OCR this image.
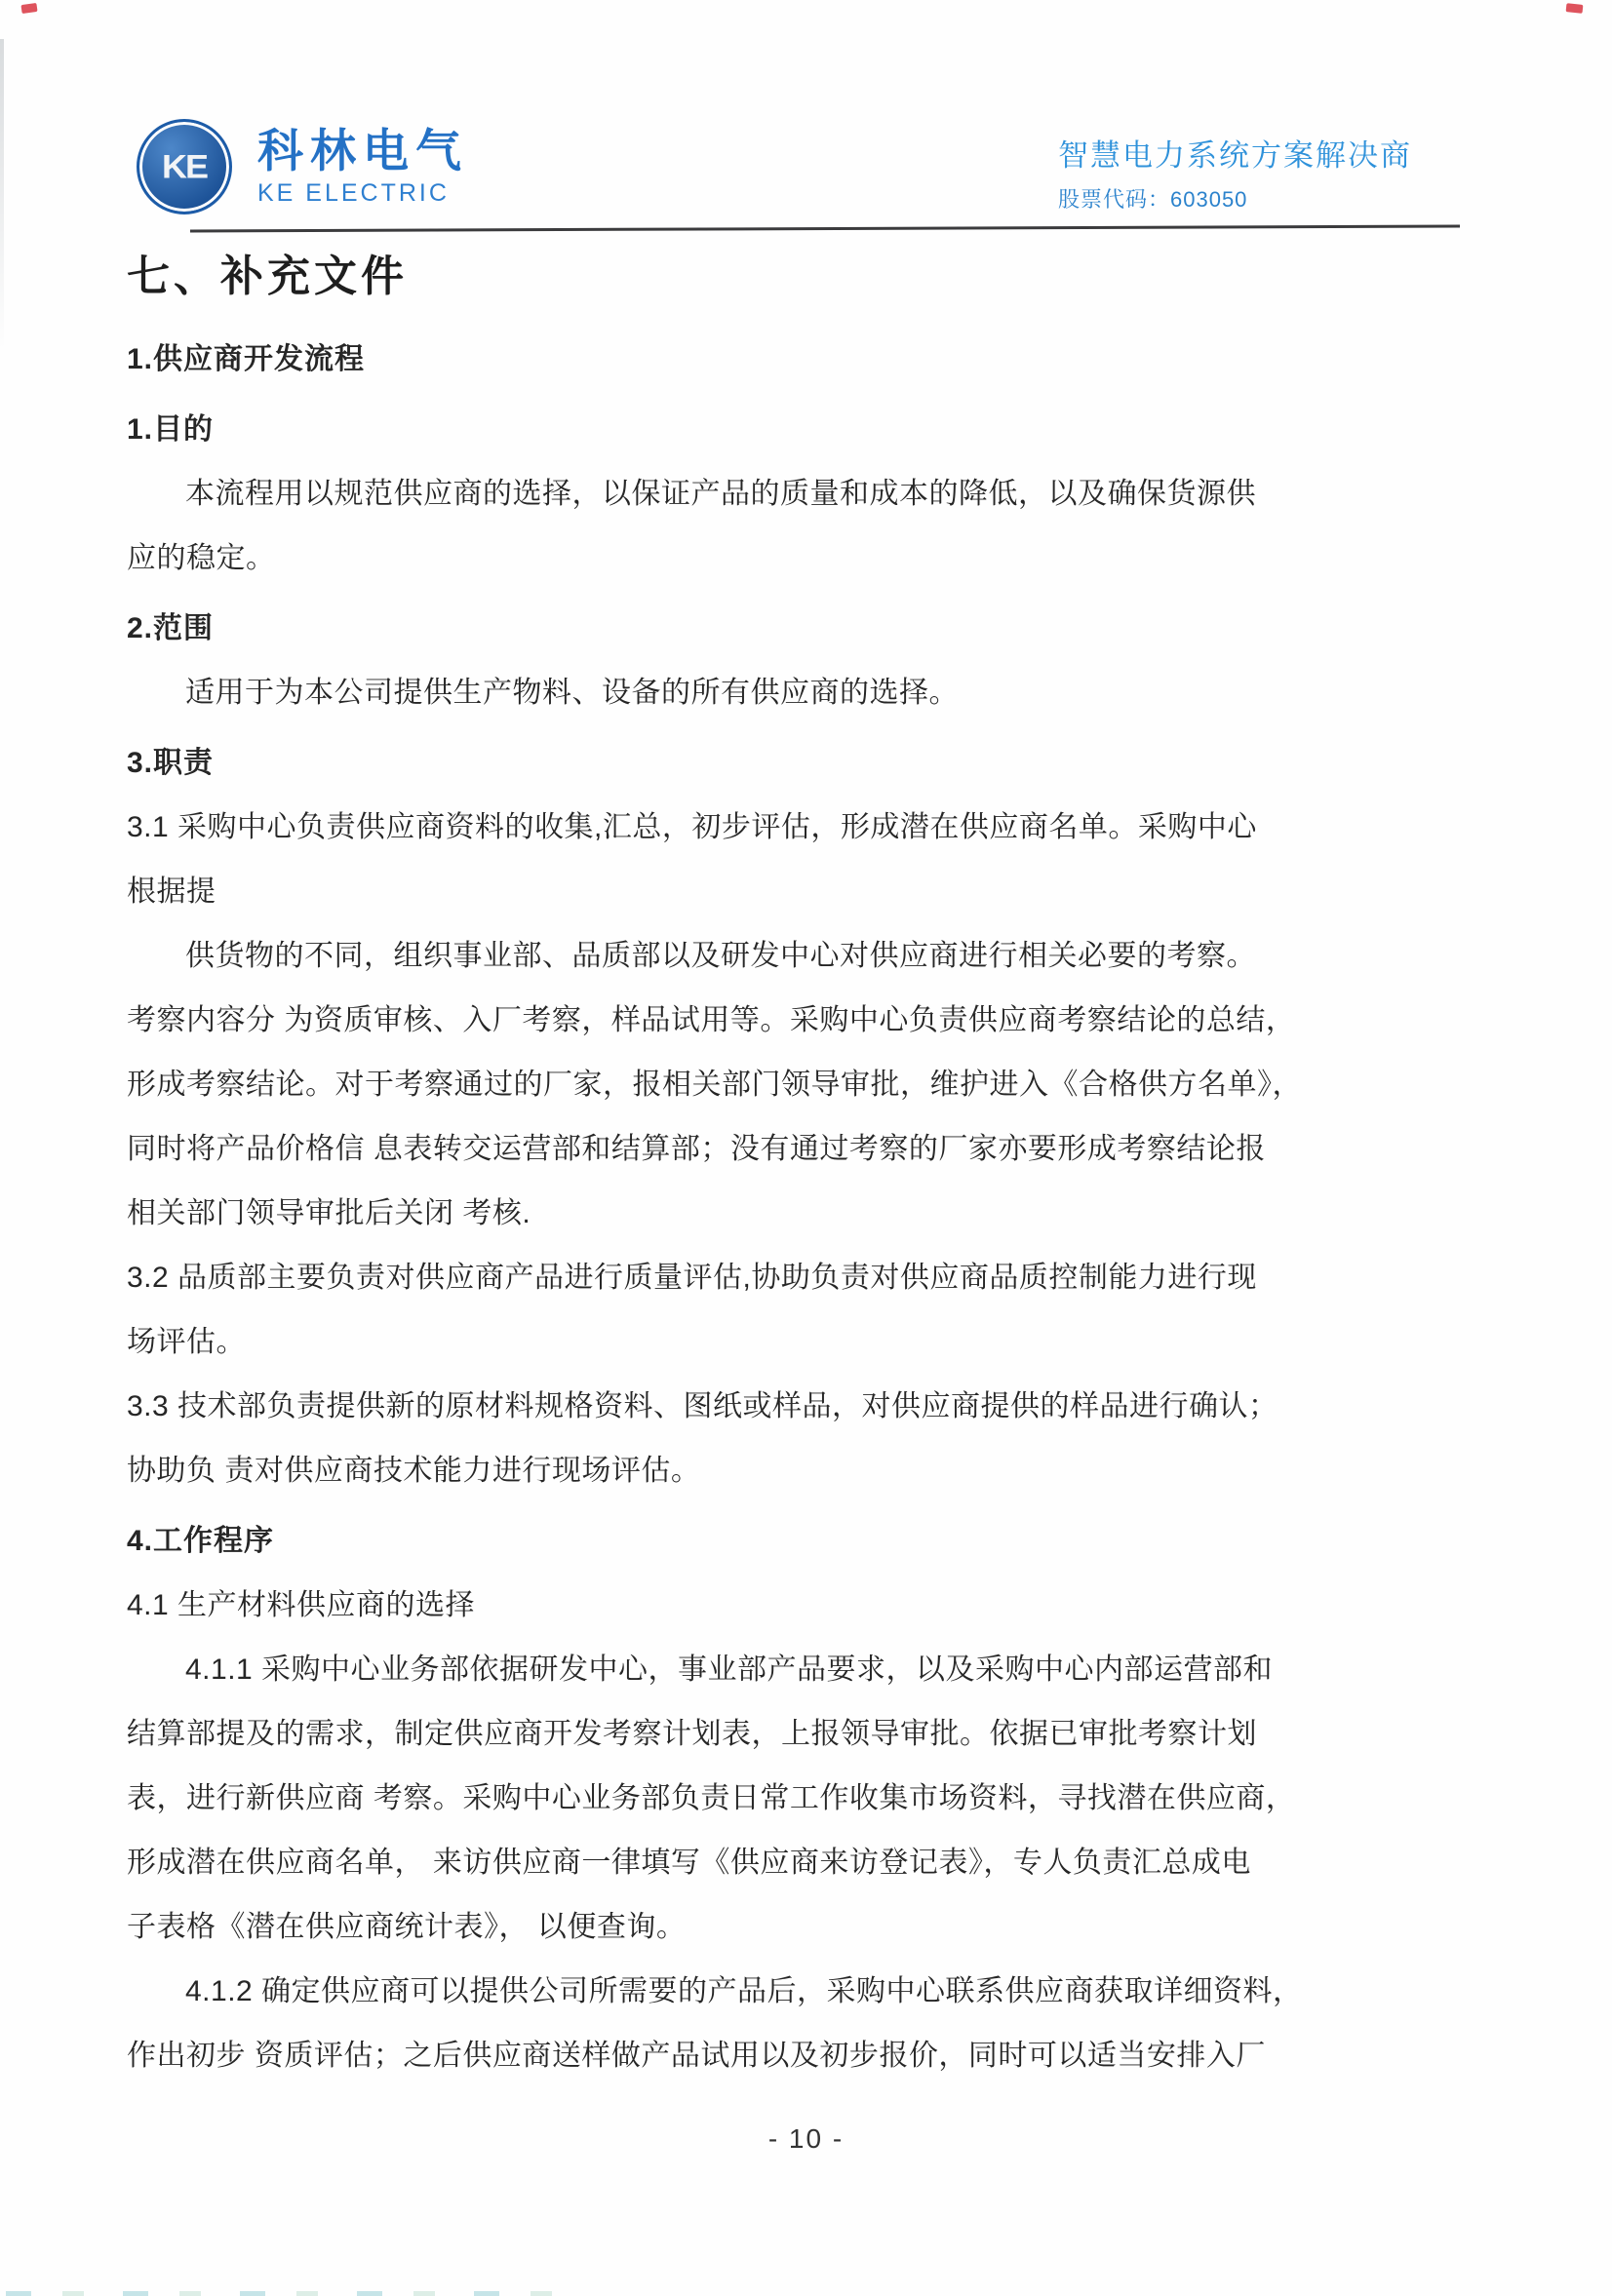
KE 科林电气
KE ELECTRIC
智慧电力系统方案解决商
股票代码：603050
七、补充文件
1.供应商开发流程
1.目的
本流程用以规范供应商的选择，以保证产品的质量和成本的降低，以及确保货源供
应的稳定。
2.范围
适用于为本公司提供生产物料、设备的所有供应商的选择。
3.职责
3.1 采购中心负责供应商资料的收集,汇总，初步评估，形成潜在供应商名单。采购中心
根据提
供货物的不同，组织事业部、品质部以及研发中心对供应商进行相关必要的考察。
考察内容分 为资质审核、入厂考察，样品试用等。采购中心负责供应商考察结论的总结，
形成考察结论。对于考察通过的厂家，报相关部门领导审批，维护进入《合格供方名单》，
同时将产品价格信 息表转交运营部和结算部；没有通过考察的厂家亦要形成考察结论报
相关部门领导审批后关闭 考核.
3.2 品质部主要负责对供应商产品进行质量评估,协助负责对供应商品质控制能力进行现
场评估。
3.3 技术部负责提供新的原材料规格资料、图纸或样品，对供应商提供的样品进行确认；
协助负 责对供应商技术能力进行现场评估。
4.工作程序
4.1 生产材料供应商的选择
4.1.1 采购中心业务部依据研发中心，事业部产品要求，以及采购中心内部运营部和
结算部提及的需求，制定供应商开发考察计划表，上报领导审批。依据已审批考察计划
表，进行新供应商 考察。采购中心业务部负责日常工作收集市场资料，寻找潜在供应商，
形成潜在供应商名单， 来访供应商一律填写《供应商来访登记表》，专人负责汇总成电
子表格《潜在供应商统计表》， 以便查询。
4.1.2 确定供应商可以提供公司所需要的产品后，采购中心联系供应商获取详细资料，
作出初步 资质评估；之后供应商送样做产品试用以及初步报价，同时可以适当安排入厂
- 10 -
